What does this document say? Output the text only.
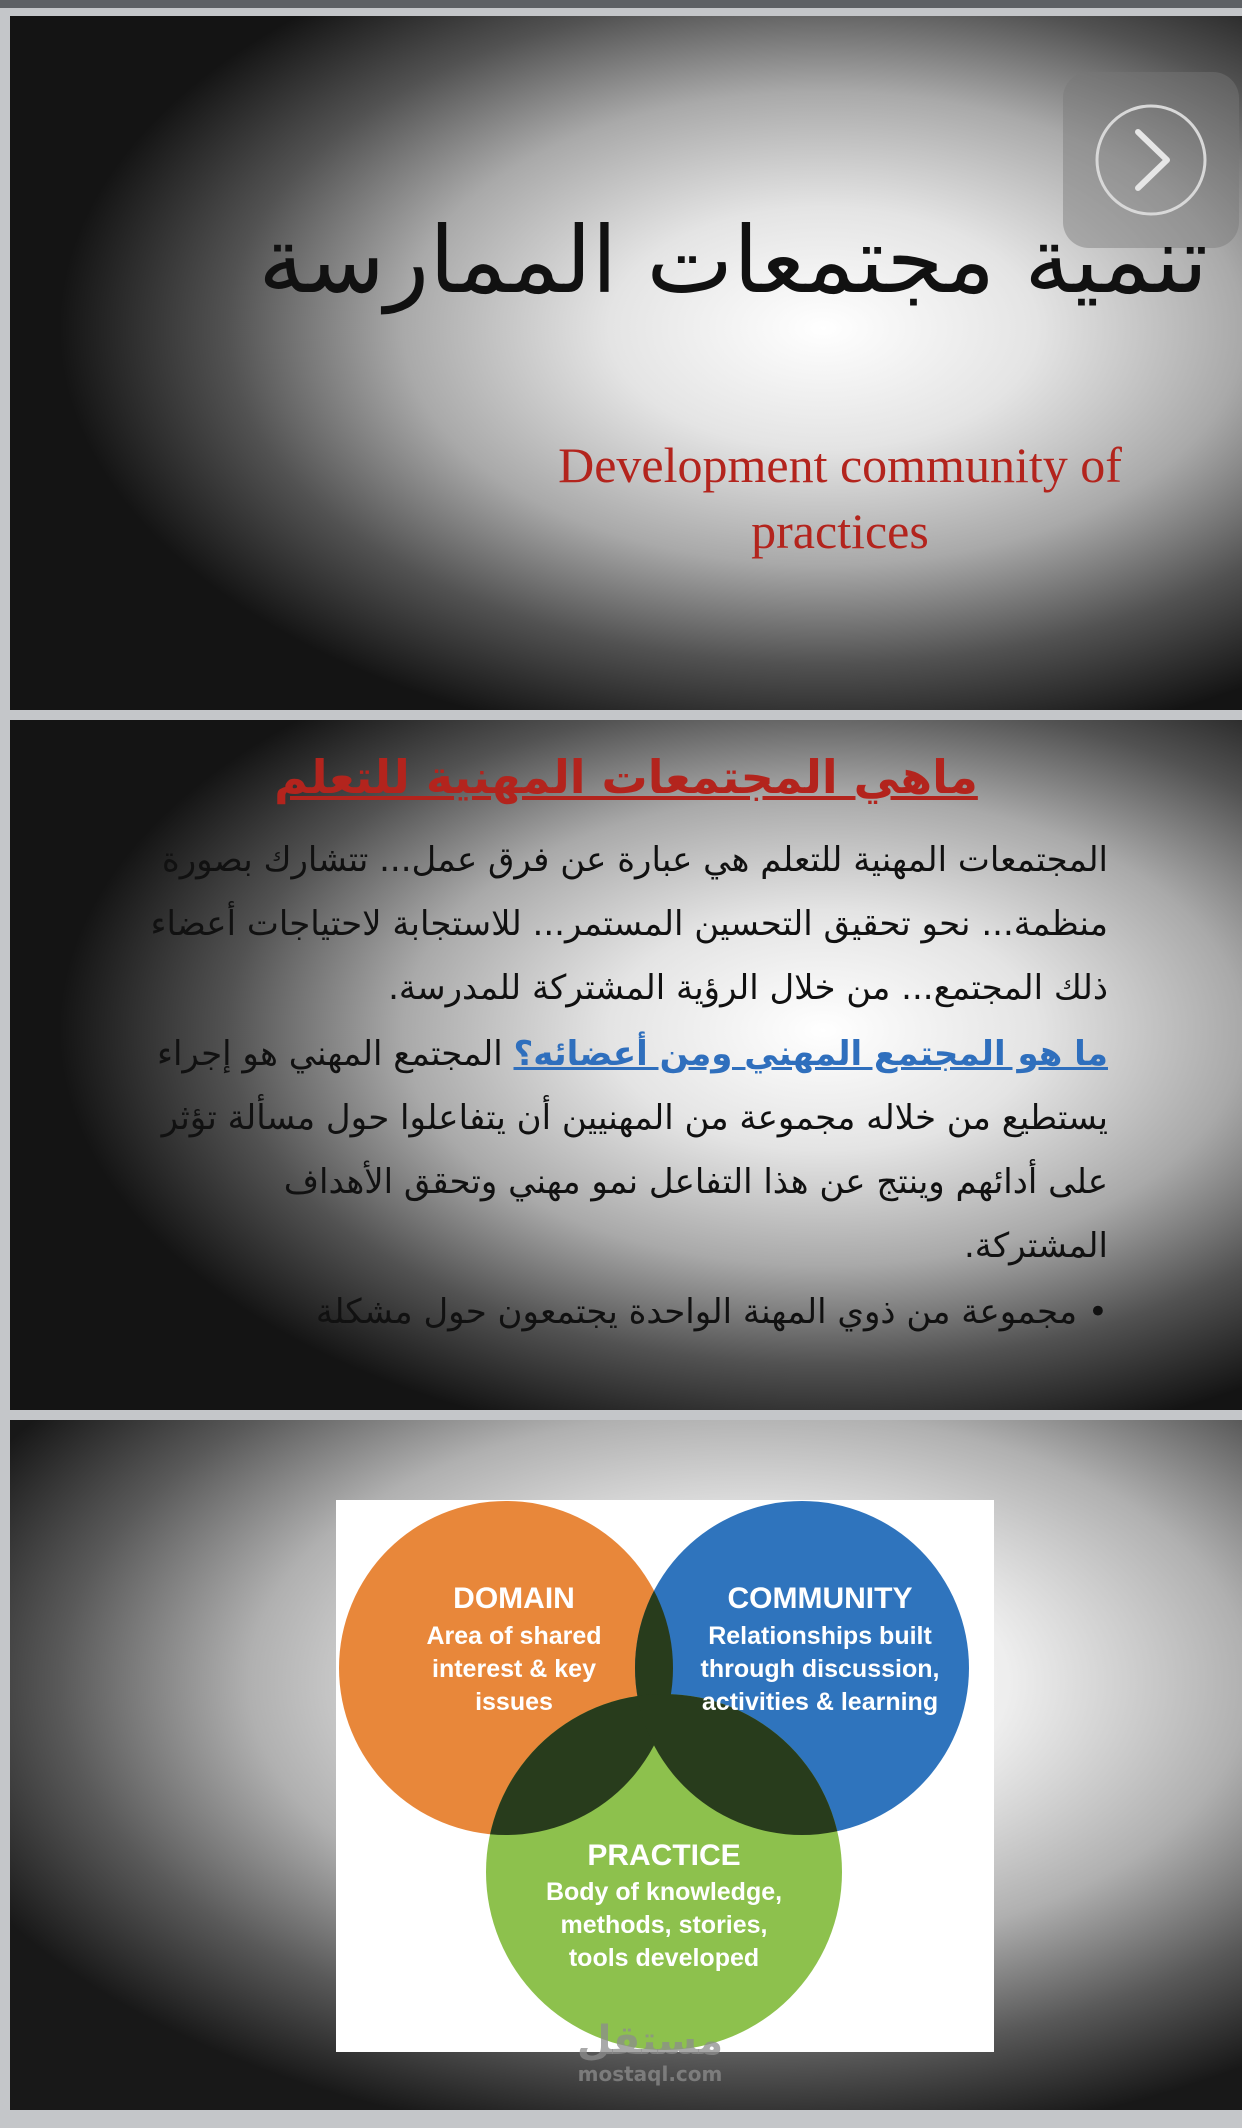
تنمية مجتمعات الممارسة
Development community of practices
ماهي المجتمعات المهنية للتعلم

المجتمعات المهنية للتعلم هي عبارة عن فرق عمل... تتشارك بصورة منظمة... نحو تحقيق التحسين المستمر... للاستجابة لاحتياجات أعضاء ذلك المجتمع... من خلال الرؤية المشتركة للمدرسة.

ما هو المجتمع المهني ومن أعضائه؟ المجتمع المهني هو إجراء يستطيع من خلاله مجموعة من المهنيين أن يتفاعلوا حول مسألة تؤثر على أدائهم وينتج عن هذا التفاعل نمو مهني وتحقق الأهداف المشتركة.

• مجموعة من ذوي المهنة الواحدة يجتمعون حول مشكلة

DOMAIN
Area of shared
interest & key
issues
COMMUNITY
Relationships built
through discussion,
activities & learning
PRACTICE
Body of knowledge,
methods, stories,
tools developed
مستقل
mostaql.com
